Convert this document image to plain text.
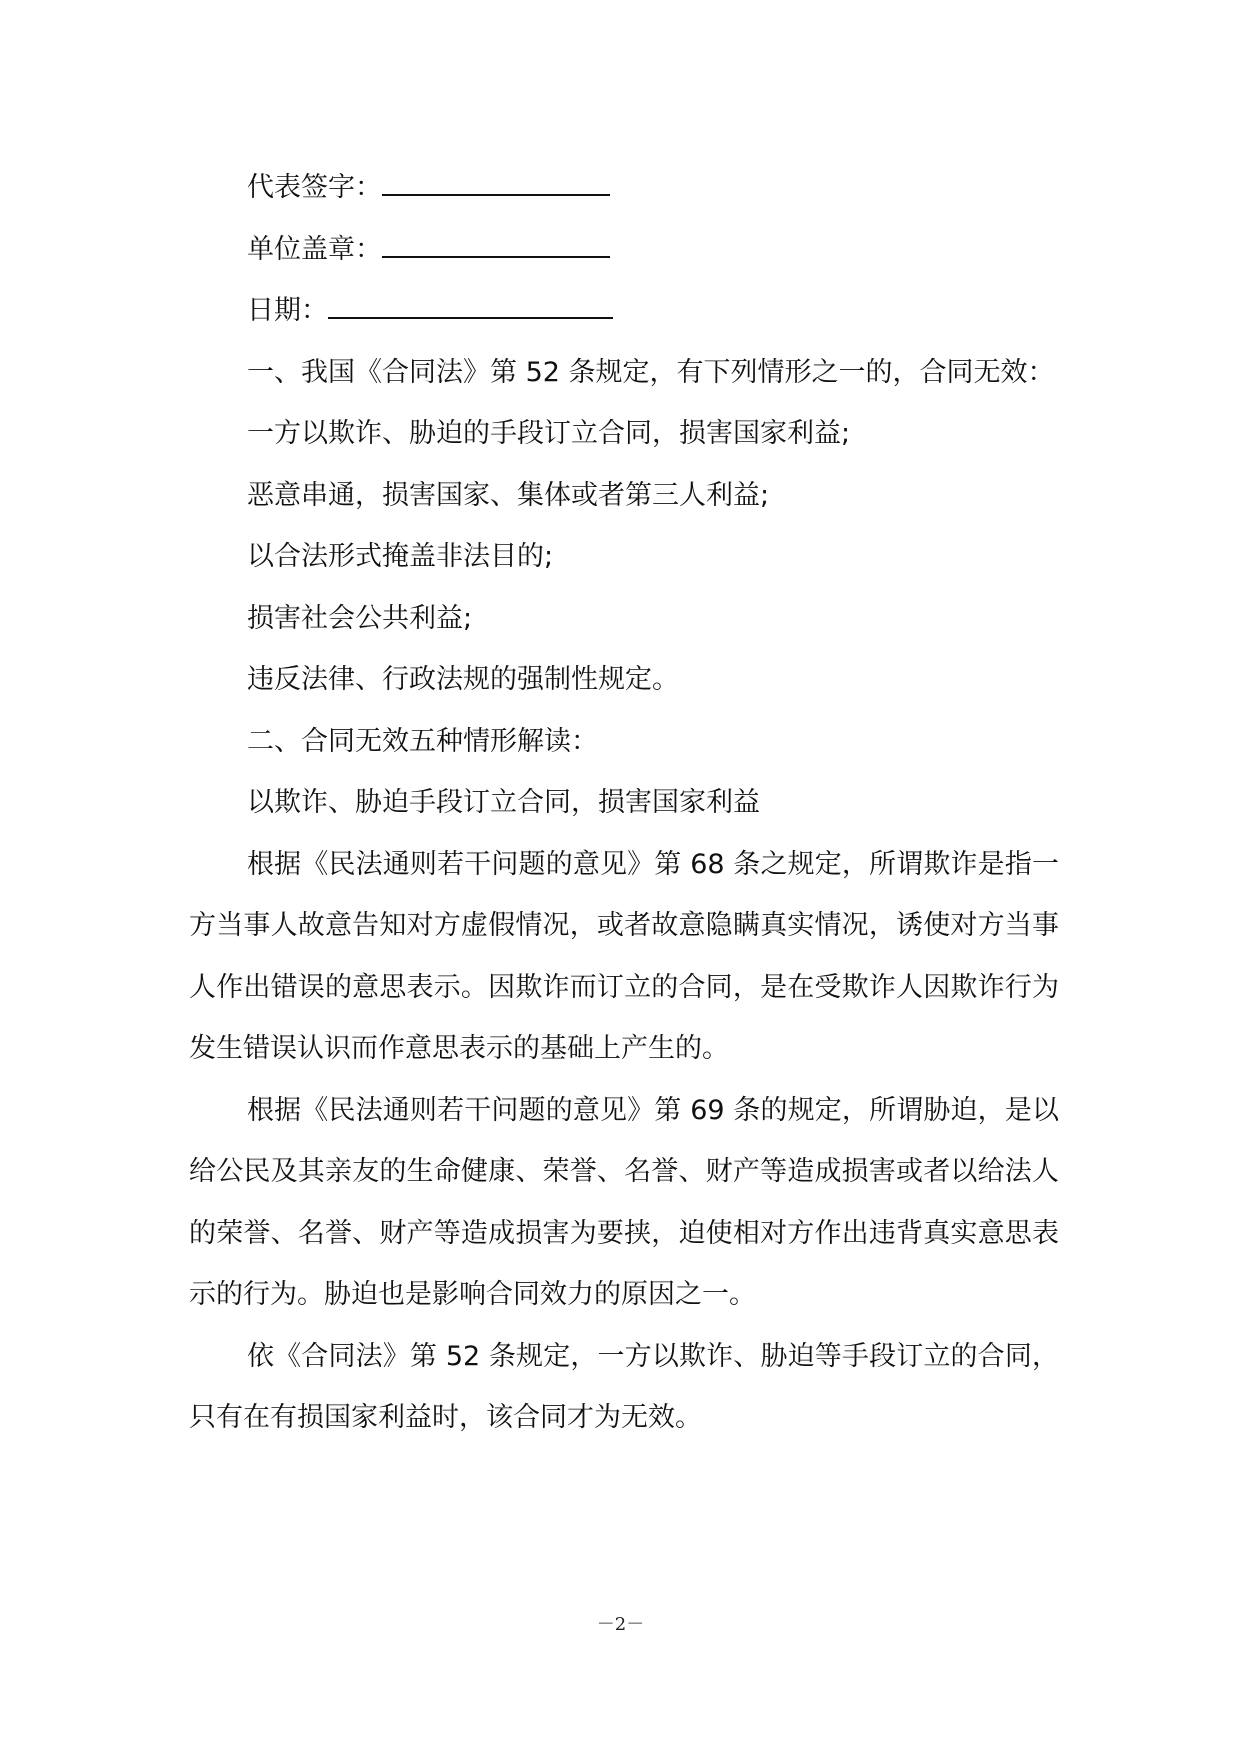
代表签字：
单位盖章：
日期：

一、我国《合同法》第 52 条规定，有下列情形之一的，合同无效：

一方以欺诈、胁迫的手段订立合同，损害国家利益;

恶意串通，损害国家、集体或者第三人利益;

以合法形式掩盖非法目的;

损害社会公共利益;

违反法律、行政法规的强制性规定。

二、合同无效五种情形解读：

以欺诈、胁迫手段订立合同，损害国家利益

根据《民法通则若干问题的意见》第 68 条之规定，所谓欺诈是指一方当事人故意告知对方虚假情况，或者故意隐瞒真实情况，诱使对方当事人作出错误的意思表示。因欺诈而订立的合同，是在受欺诈人因欺诈行为发生错误认识而作意思表示的基础上产生的。

根据《民法通则若干问题的意见》第 69 条的规定，所谓胁迫，是以给公民及其亲友的生命健康、荣誉、名誉、财产等造成损害或者以给法人的荣誉、名誉、财产等造成损害为要挟，迫使相对方作出违背真实意思表示的行为。胁迫也是影响合同效力的原因之一。

依《合同法》第 52 条规定，一方以欺诈、胁迫等手段订立的合同，只有在有损国家利益时，该合同才为无效。

－2－
